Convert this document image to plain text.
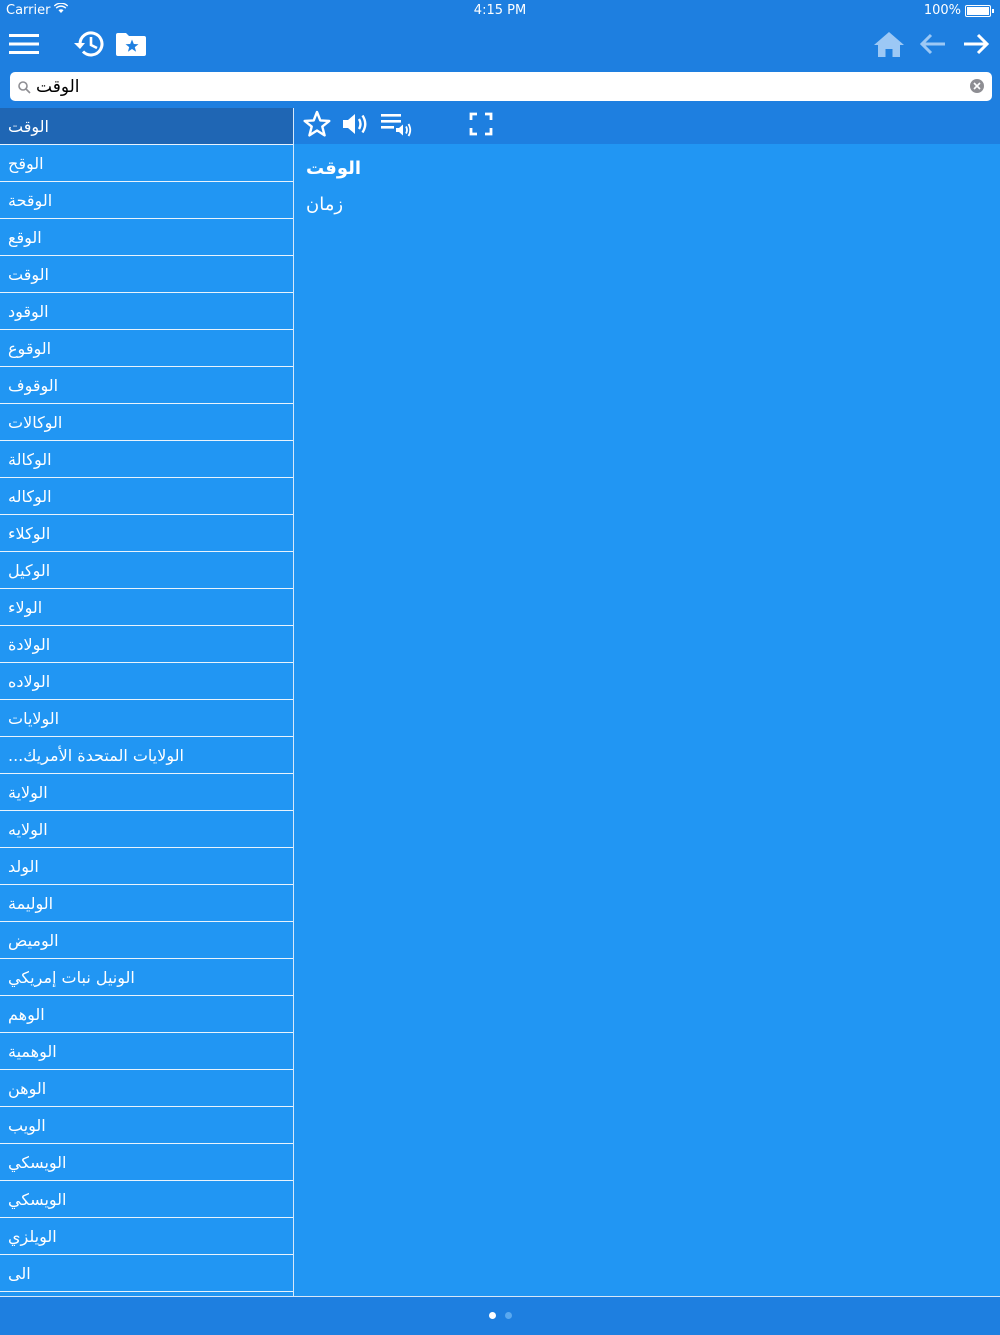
Carrier	4:15 PM	100%
الوقت
الوقت
الوقح
الوقحة
الوقع
الوقت
الوقود
الوقوع
الوقوف
الوكالات
الوكالة
الوكاله
الوكلاء
الوكيل
الولاء
الولادة
الولاده
الولايات
...الولايات المتحدة الأمريك
الولاية
الولايه
الولد
الوليمة
الوميض
الونيل نبات إمريكي
الوهم
الوهمية
الوهن
الويب
الويسكي
الويسكي
الويلزي
الى
الوقت
زمان
